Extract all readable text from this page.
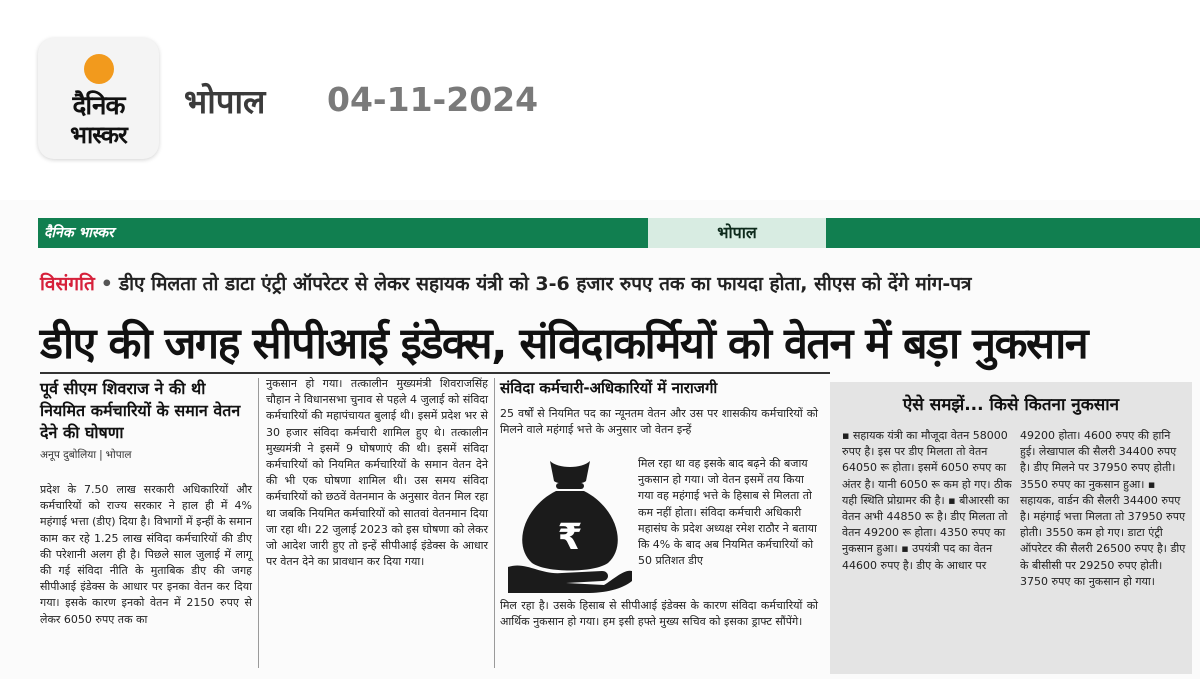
दैनिक
भास्कर
भोपाल 04-11-2024
दैनिक भास्कर	भोपाल
विसंगति • डीए मिलता तो डाटा एंट्री ऑपरेटर से लेकर सहायक यंत्री को 3-6 हजार रुपए तक का फायदा होता, सीएस को देंगे मांग-पत्र
डीए की जगह सीपीआई इंडेक्स, संविदाकर्मियों को वेतन में बड़ा नुकसान
पूर्व सीएम शिवराज ने की थी नियमित कर्मचारियों के समान वेतन देने की घोषणा
अनूप दुबोलिया | भोपाल
प्रदेश के 7.50 लाख सरकारी अधिकारियों और कर्मचारियों को राज्य सरकार ने हाल ही में 4% महंगाई भत्ता (डीए) दिया है। विभागों में इन्हीं के समान काम कर रहे 1.25 लाख संविदा कर्मचारियों की डीए की परेशानी अलग ही है। पिछले साल जुलाई में लागू की गई संविदा नीति के मुताबिक डीए की जगह सीपीआई इंडेक्स के आधार पर इनका वेतन कर दिया गया। इसके कारण इनको वेतन में 2150 रुपए से लेकर 6050 रुपए तक का
नुकसान हो गया। तत्कालीन मुख्यमंत्री शिवराजसिंह चौहान ने विधानसभा चुनाव से पहले 4 जुलाई को संविदा कर्मचारियों की महापंचायत बुलाई थी। इसमें प्रदेश भर से 30 हजार संविदा कर्मचारी शामिल हुए थे। तत्कालीन मुख्यमंत्री ने इसमें 9 घोषणाएं की थी। इसमें संविदा कर्मचारियों को नियमित कर्मचारियों के समान वेतन देने की भी एक घोषणा शामिल थी। उस समय संविदा कर्मचारियों को छठवें वेतनमान के अनुसार वेतन मिल रहा था जबकि नियमित कर्मचारियों को सातवां वेतनमान दिया जा रहा थी। 22 जुलाई 2023 को इस घोषणा को लेकर जो आदेश जारी हुए तो इन्हें सीपीआई इंडेक्स के आधार पर वेतन देने का प्रावधान कर दिया गया।
संविदा कर्मचारी-अधिकारियों में नाराजगी
25 वर्षों से नियमित पद का न्यूनतम वेतन और उस पर शासकीय कर्मचारियों को मिलने वाले महंगाई भत्ते के अनुसार जो वेतन इन्हें
₹
मिल रहा था वह इसके बाद बढ़ने की बजाय नुकसान हो गया। जो वेतन इसमें तय किया गया वह महंगाई भत्ते के हिसाब से मिलता तो कम नहीं होता। संविदा कर्मचारी अधिकारी महासंघ के प्रदेश अध्यक्ष रमेश राठौर ने बताया कि 4% के बाद अब नियमित कर्मचारियों को 50 प्रतिशत डीए
मिल रहा है। उसके हिसाब से सीपीआई इंडेक्स के कारण संविदा कर्मचारियों को आर्थिक नुकसान हो गया। हम इसी हफ्ते मुख्य सचिव को इसका ड्राफ्ट सौंपेंगे।
ऐसे समझें... किसे कितना नुकसान
▪ सहायक यंत्री का मौजूदा वेतन 58000 रुपए है। इस पर डीए मिलता तो वेतन 64050 रू होता। इसमें 6050 रुपए का अंतर है। यानी 6050 रू कम हो गए। ठीक यही स्थिति प्रोग्रामर की है। ▪ बीआरसी का वेतन अभी 44850 रू है। डीए मिलता तो वेतन 49200 रू होता। 4350 रुपए का नुकसान हुआ। ▪ उपयंत्री पद का वेतन 44600 रुपए है। डीए के आधार पर
49200 होता। 4600 रुपए की हानि हुई। लेखापाल की सैलरी 34400 रुपए है। डीए मिलने पर 37950 रुपए होती। 3550 रुपए का नुकसान हुआ। ▪ सहायक, वार्डन की सैलरी 34400 रुपए है। महंगाई भत्ता मिलता तो 37950 रुपए होती। 3550 कम हो गए। डाटा एंट्री ऑपरेटर की सैलरी 26500 रुपए है। डीए के बीसीसी पर 29250 रुपए होती। 3750 रुपए का नुकसान हो गया।
